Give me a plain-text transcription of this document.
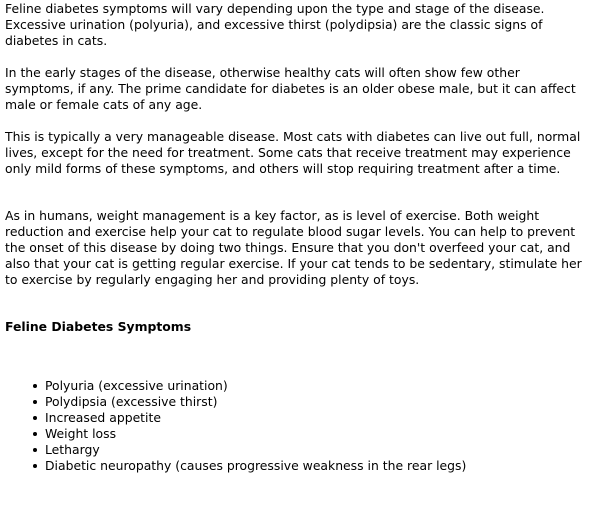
Feline diabetes symptoms will vary depending upon the type and stage of the disease. Excessive urination (polyuria), and excessive thirst (polydipsia) are the classic signs of diabetes in cats.

In the early stages of the disease, otherwise healthy cats will often show few other symptoms, if any. The prime candidate for diabetes is an older obese male, but it can affect male or female cats of any age.

This is typically a very manageable disease. Most cats with diabetes can live out full, normal lives, except for the need for treatment. Some cats that receive treatment may experience only mild forms of these symptoms, and others will stop requiring treatment after a time.

As in humans, weight management is a key factor, as is level of exercise. Both weight reduction and exercise help your cat to regulate blood sugar levels. You can help to prevent the onset of this disease by doing two things. Ensure that you don't overfeed your cat, and also that your cat is getting regular exercise. If your cat tends to be sedentary, stimulate her to exercise by regularly engaging her and providing plenty of toys.

Feline Diabetes Symptoms
Polyuria (excessive urination)
Polydipsia (excessive thirst)
Increased appetite
Weight loss
Lethargy
Diabetic neuropathy (causes progressive weakness in the rear legs)
